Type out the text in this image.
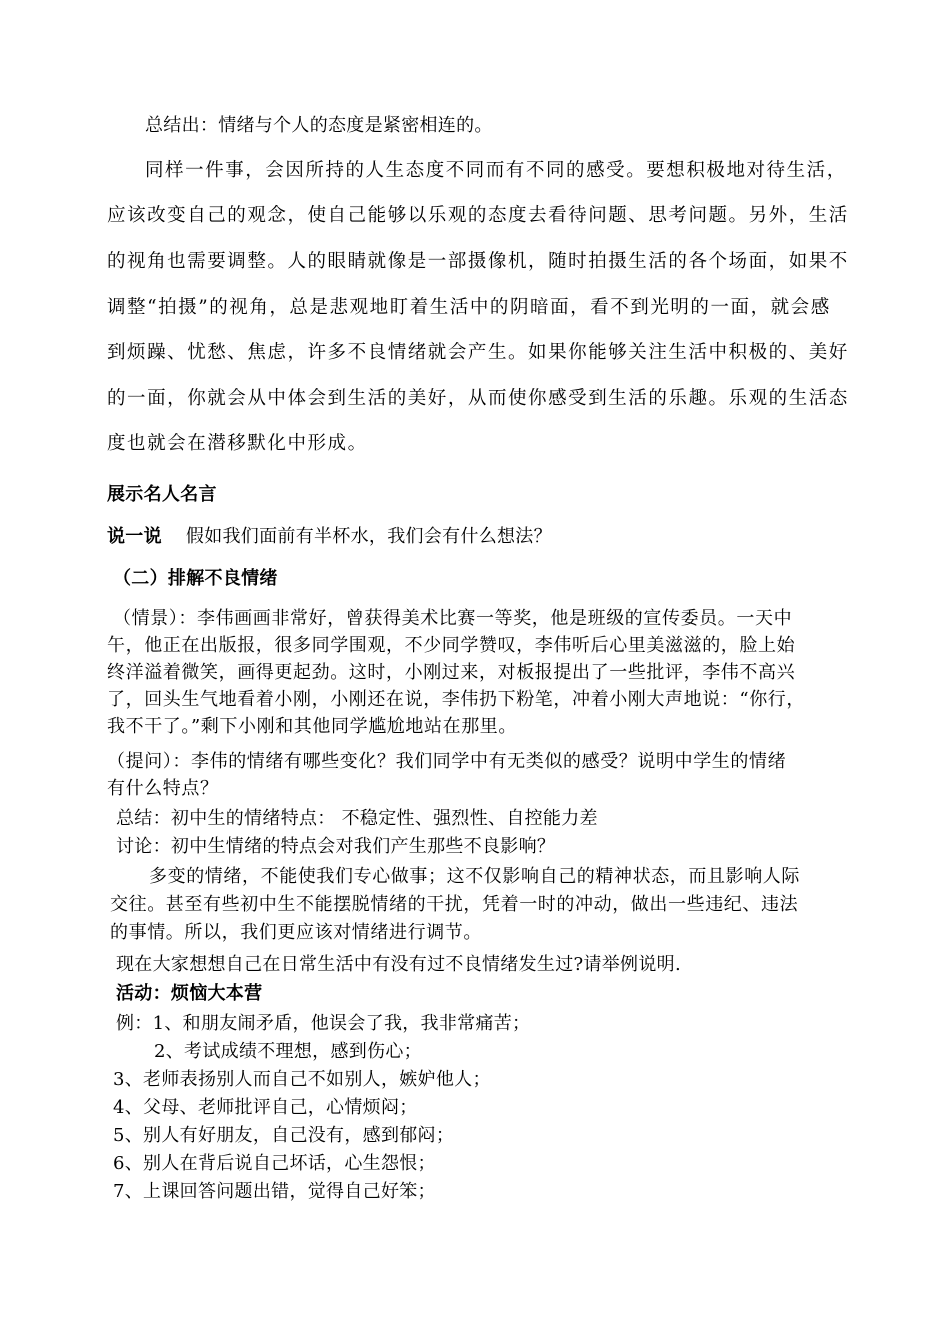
总结出：情绪与个人的态度是紧密相连的。
同样一件事，会因所持的人生态度不同而有不同的感受。要想积极地对待生活，
应该改变自己的观念，使自己能够以乐观的态度去看待问题、思考问题。另外，生活
的视角也需要调整。人的眼睛就像是一部摄像机，随时拍摄生活的各个场面，如果不
调整“拍摄”的视角，总是悲观地盯着生活中的阴暗面，看不到光明的一面，就会感
到烦躁、忧愁、焦虑，许多不良情绪就会产生。如果你能够关注生活中积极的、美好
的一面，你就会从中体会到生活的美好，从而使你感受到生活的乐趣。乐观的生活态
度也就会在潜移默化中形成。
展示名人名言
说一说 假如我们面前有半杯水，我们会有什么想法？
（二）排解不良情绪
（情景）：李伟画画非常好，曾获得美术比赛一等奖，他是班级的宣传委员。一天中
午，他正在出版报，很多同学围观，不少同学赞叹，李伟听后心里美滋滋的，脸上始
终洋溢着微笑，画得更起劲。这时，小刚过来，对板报提出了一些批评，李伟不高兴
了，回头生气地看着小刚，小刚还在说，李伟扔下粉笔，冲着小刚大声地说：“你行，
我不干了。”剩下小刚和其他同学尴尬地站在那里。
（提问）：李伟的情绪有哪些变化？我们同学中有无类似的感受？说明中学生的情绪
有什么特点？
总结：初中生的情绪特点： 不稳定性、强烈性、自控能力差
讨论：初中生情绪的特点会对我们产生那些不良影响？
多变的情绪，不能使我们专心做事；这不仅影响自己的精神状态，而且影响人际
交往。甚至有些初中生不能摆脱情绪的干扰，凭着一时的冲动，做出一些违纪、违法
的事情。所以，我们更应该对情绪进行调节。
现在大家想想自己在日常生活中有没有过不良情绪发生过?请举例说明.
活动：烦恼大本营
例：1、和朋友闹矛盾，他误会了我，我非常痛苦；
2、考试成绩不理想，感到伤心；
3、老师表扬别人而自己不如别人，嫉妒他人；
4、父母、老师批评自己，心情烦闷；
5、别人有好朋友，自己没有，感到郁闷；
6、别人在背后说自己坏话，心生怨恨；
7、上课回答问题出错，觉得自己好笨；
